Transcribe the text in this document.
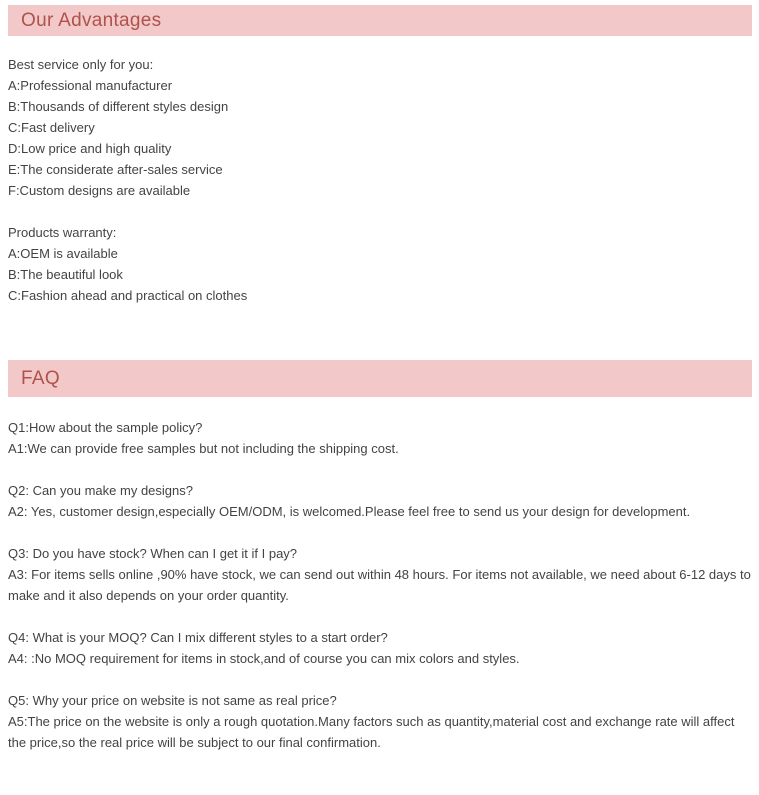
Our Advantages
Best service only for you:
A:Professional manufacturer
B:Thousands of different styles design
C:Fast delivery
D:Low price and high quality
E:The considerate after-sales service
F:Custom designs are available
Products warranty:
A:OEM is available
B:The beautiful look
C:Fashion ahead and practical on clothes
FAQ
Q1:How about the sample policy?
A1:We can provide free samples but not including the shipping cost.
Q2: Can you make my designs?
A2: Yes, customer design,especially OEM/ODM, is welcomed.Please feel free to send us your design for development.
Q3: Do you have stock? When can I get it if I pay?
A3: For items sells online ,90% have stock, we can send out within 48 hours. For items not available, we need about 6-12 days to make and it also depends on your order quantity.
Q4: What is your MOQ? Can I mix different styles to a start order?
A4: :No MOQ requirement for items in stock,and of course you can mix colors and styles.
Q5: Why your price on website is not same as real price?
A5:The price on the website is only a rough quotation.Many factors such as quantity,material cost and exchange rate will affect the price,so the real price will be subject to our final confirmation.
